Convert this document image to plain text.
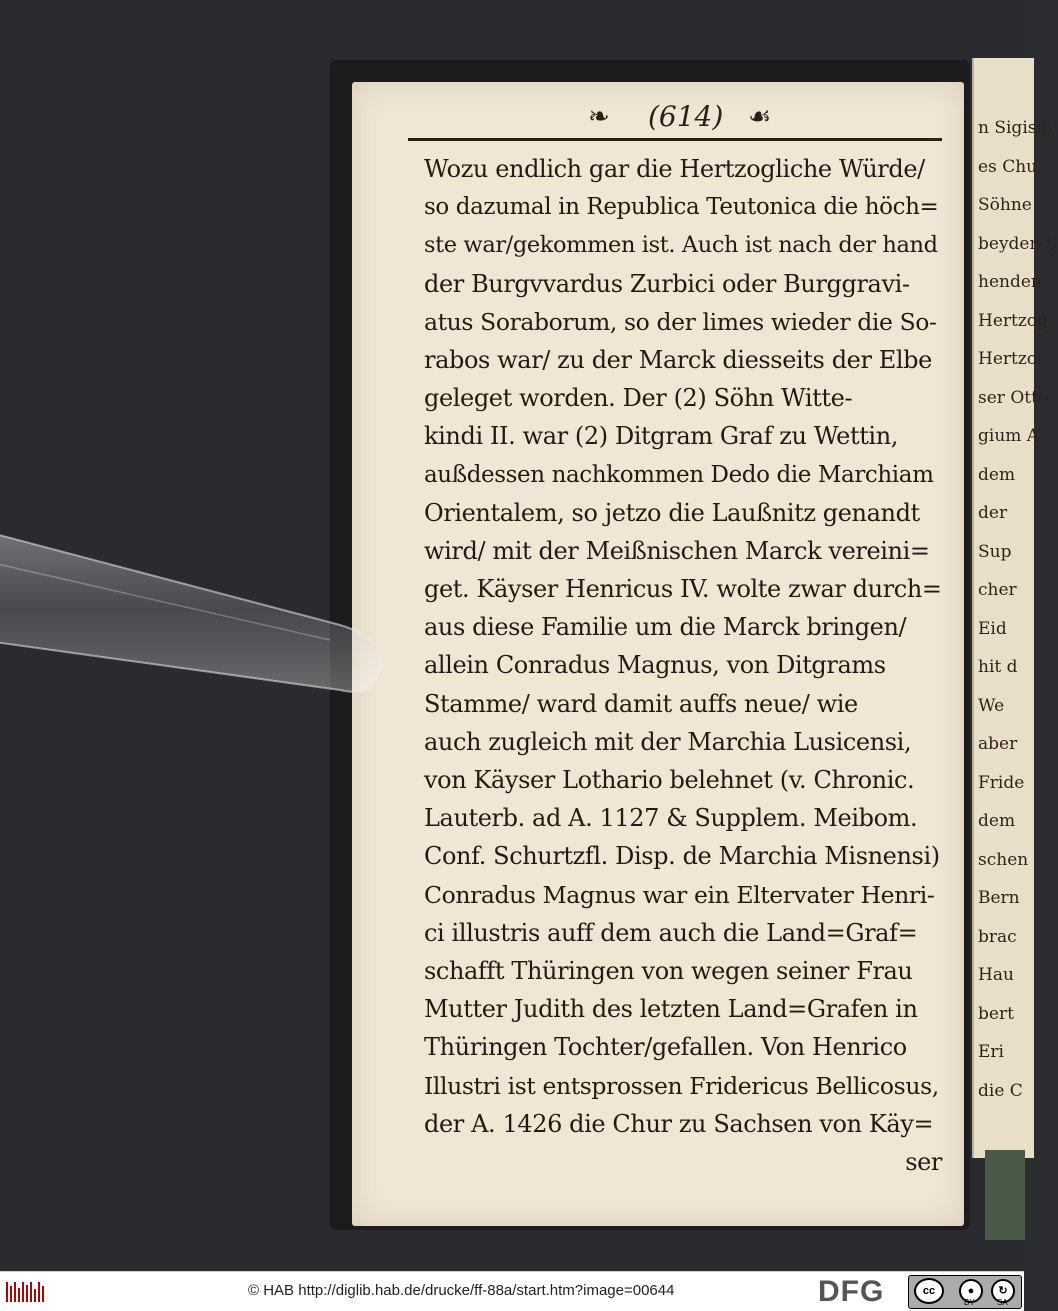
n Sigism
es Chu
Söhne
beyden S
henden
Hertzog
Hertzo
ser Otto
gium A
dem
der
Sup
cher
Eid
hit d
We
aber
Fride
dem
schen
Bern
brac
Hau
bert
Eri
die C
❧ (614) ☙
Wozu endlich gar die Hertzogliche Würde/
so dazumal in Republica Teutonica die höch=
ste war/gekommen ist. Auch ist nach der hand
der Burgvvardus Zurbici oder Burggravi-
atus Soraborum, so der limes wieder die So-
rabos war/ zu der Marck diesseits der Elbe
geleget worden. Der (2) Söhn Witte-
kindi II. war (2) Ditgram Graf zu Wettin,
außdessen nachkommen Dedo die Marchiam
Orientalem, so jetzo die Laußnitz genandt
wird/ mit der Meißnischen Marck vereini=
get. Käyser Henricus IV. wolte zwar durch=
aus diese Familie um die Marck bringen/
allein Conradus Magnus, von Ditgrams
Stamme/ ward damit auffs neue/ wie
auch zugleich mit der Marchia Lusicensi,
von Käyser Lothario belehnet (v. Chronic.
Lauterb. ad A. 1127 & Supplem. Meibom.
Conf. Schurtzfl. Disp. de Marchia Misnensi)
Conradus Magnus war ein Eltervater Henri-
ci illustris auff dem auch die Land=Graf=
schafft Thüringen von wegen seiner Frau
Mutter Judith des letzten Land=Grafen in
Thüringen Tochter/gefallen. Von Henrico
Illustri ist entsprossen Fridericus Bellicosus,
der A. 1426 die Chur zu Sachsen von Käy=
ser
© HAB http://diglib.hab.de/drucke/ff-88a/start.htm?image=00644	DFG	cc	●
BY
↻
SA
